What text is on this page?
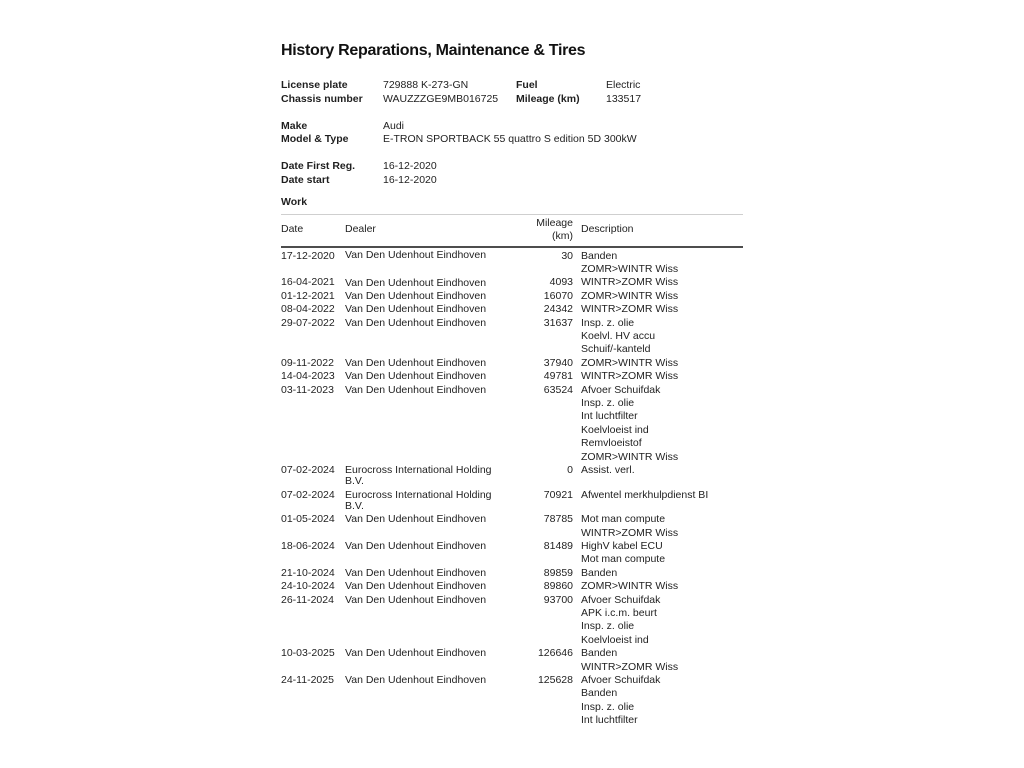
History Reparations, Maintenance & Tires
License plate	729888 K-273-GN	Fuel	Electric
Chassis number	WAUZZZGE9MB016725	Mileage (km)	133517
Make	Audi
Model & Type	E-TRON SPORTBACK 55 quattro S edition 5D 300kW
Date First Reg.	16-12-2020
Date start	16-12-2020
Work
Date	Dealer	Mileage (km)	Description
17-12-2020	Van Den Udenhout Eindhoven	30	Banden
ZOMR>WINTR Wiss

16-04-2021	Van Den Udenhout Eindhoven	4093	WINTR>ZOMR Wiss

01-12-2021	Van Den Udenhout Eindhoven	16070	ZOMR>WINTR Wiss

08-04-2022	Van Den Udenhout Eindhoven	24342	WINTR>ZOMR Wiss

29-07-2022	Van Den Udenhout Eindhoven	31637	Insp. z. olie
Koelvl. HV accu
Schuif/-kanteld

09-11-2022	Van Den Udenhout Eindhoven	37940	ZOMR>WINTR Wiss

14-04-2023	Van Den Udenhout Eindhoven	49781	WINTR>ZOMR Wiss

03-11-2023	Van Den Udenhout Eindhoven	63524	Afvoer Schuifdak
Insp. z. olie
Int luchtfilter
Koelvloeist ind
Remvloeistof
ZOMR>WINTR Wiss

07-02-2024	Eurocross International Holding B.V.	0	Assist. verl.

07-02-2024	Eurocross International Holding B.V.	70921	Afwentel merkhulpdienst BI

01-05-2024	Van Den Udenhout Eindhoven	78785	Mot man compute
WINTR>ZOMR Wiss

18-06-2024	Van Den Udenhout Eindhoven	81489	HighV kabel ECU
Mot man compute

21-10-2024	Van Den Udenhout Eindhoven	89859	Banden

24-10-2024	Van Den Udenhout Eindhoven	89860	ZOMR>WINTR Wiss

26-11-2024	Van Den Udenhout Eindhoven	93700	Afvoer Schuifdak
APK i.c.m. beurt
Insp. z. olie
Koelvloeist ind

10-03-2025	Van Den Udenhout Eindhoven	126646	Banden
WINTR>ZOMR Wiss

24-11-2025	Van Den Udenhout Eindhoven	125628	Afvoer Schuifdak
Banden
Insp. z. olie
Int luchtfilter
